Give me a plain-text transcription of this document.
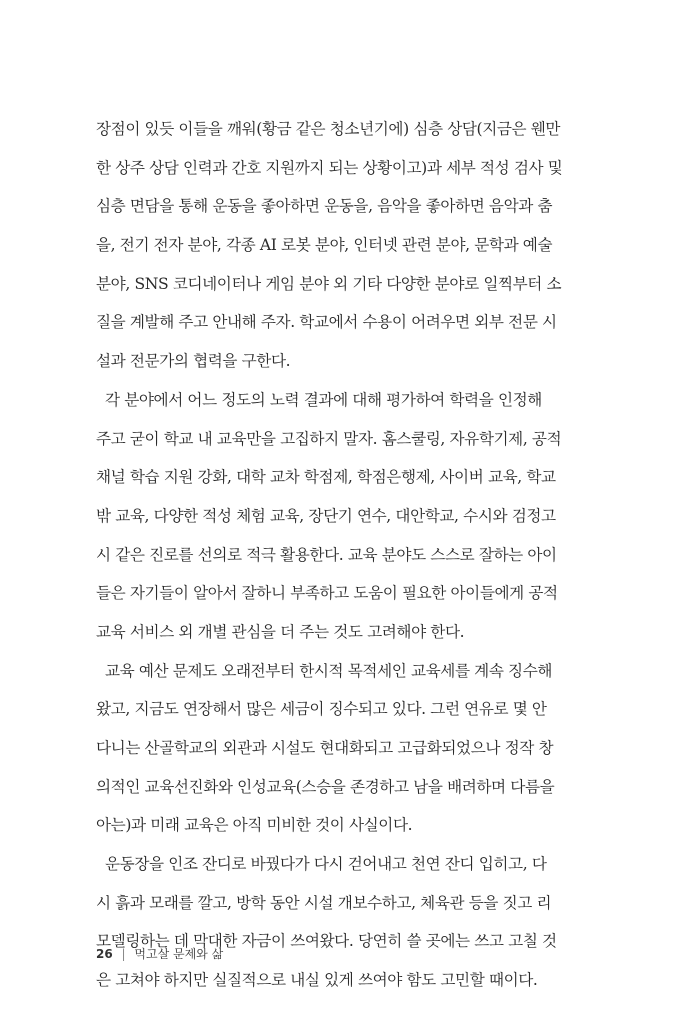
장점이 있듯 이들을 깨워(황금 같은 청소년기에) 심층 상담(지금은 웬만
한 상주 상담 인력과 간호 지원까지 되는 상황이고)과 세부 적성 검사 및
심층 면담을 통해 운동을 좋아하면 운동을, 음악을 좋아하면 음악과 춤
을, 전기 전자 분야, 각종 AI 로봇 분야, 인터넷 관련 분야, 문학과 예술
분야, SNS 코디네이터나 게임 분야 외 기타 다양한 분야로 일찍부터 소
질을 계발해 주고 안내해 주자. 학교에서 수용이 어려우면 외부 전문 시
설과 전문가의 협력을 구한다.
각 분야에서 어느 정도의 노력 결과에 대해 평가하여 학력을 인정해
주고 굳이 학교 내 교육만을 고집하지 말자. 홈스쿨링, 자유학기제, 공적
채널 학습 지원 강화, 대학 교차 학점제, 학점은행제, 사이버 교육, 학교
밖 교육, 다양한 적성 체험 교육, 장단기 연수, 대안학교, 수시와 검정고
시 같은 진로를 선의로 적극 활용한다. 교육 분야도 스스로 잘하는 아이
들은 자기들이 알아서 잘하니 부족하고 도움이 필요한 아이들에게 공적
교육 서비스 외 개별 관심을 더 주는 것도 고려해야 한다.
교육 예산 문제도 오래전부터 한시적 목적세인 교육세를 계속 징수해
왔고, 지금도 연장해서 많은 세금이 징수되고 있다. 그런 연유로 몇 안
다니는 산골학교의 외관과 시설도 현대화되고 고급화되었으나 정작 창
의적인 교육선진화와 인성교육(스승을 존경하고 남을 배려하며 다름을
아는)과 미래 교육은 아직 미비한 것이 사실이다.
운동장을 인조 잔디로 바꿨다가 다시 걷어내고 천연 잔디 입히고, 다
시 흙과 모래를 깔고, 방학 동안 시설 개보수하고, 체육관 등을 짓고 리
모델링하는 데 막대한 자금이 쓰여왔다. 당연히 쓸 곳에는 쓰고 고칠 것
은 고쳐야 하지만 실질적으로 내실 있게 쓰여야 함도 고민할 때이다.
26 | 먹고살 문제와 삶
